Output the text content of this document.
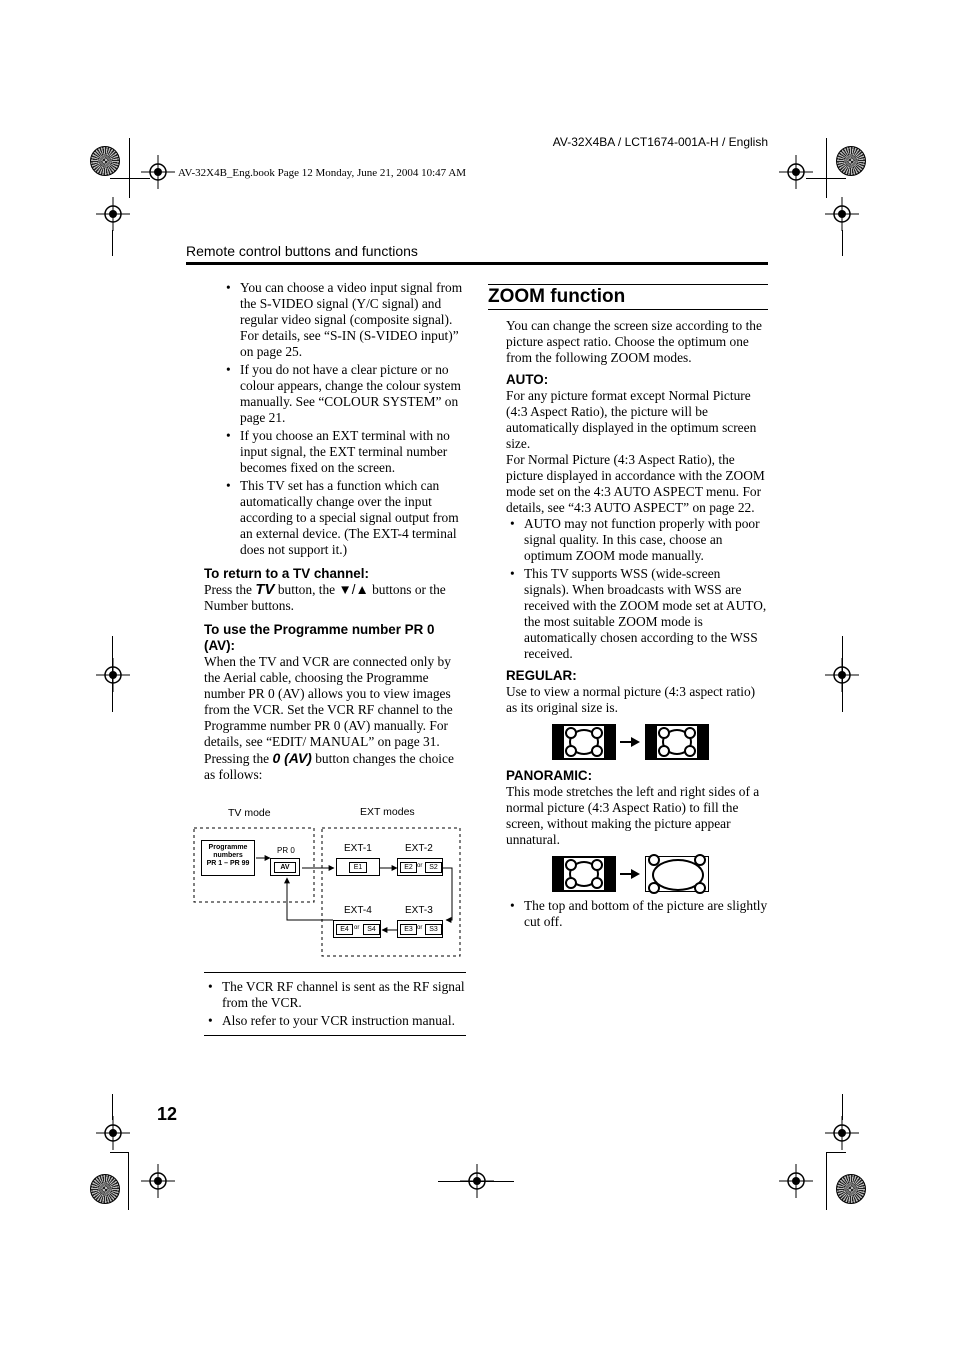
AV-32X4BA / LCT1674-001A-H / English
AV-32X4B_Eng.book Page 12 Monday, June 21, 2004 10:47 AM
Remote control buttons and functions
• You can choose a video input signal from the S-VIDEO signal (Y/C signal) and regular video signal (composite signal). For details, see “S-IN (S-VIDEO input)” on page 25.
• If you do not have a clear picture or no colour appears, change the colour system manually. See “COLOUR SYSTEM” on page 21.
• If you choose an EXT terminal with no input signal, the EXT terminal number becomes fixed on the screen.
• This TV set has a function which can automatically change over the input according to a special signal output from an external device. (The EXT-4 terminal does not support it.)
To return to a TV channel:

Press the TV button, the ▼/▲ buttons or the Number buttons.

To use the Programme number PR 0 (AV):

When the TV and VCR are connected only by the Aerial cable, choosing the Programme number PR 0 (AV) allows you to view images from the VCR. Set the VCR RF channel to the Programme number PR 0 (AV) manually. For details, see “EDIT/ MANUAL” on page 31.

Pressing the 0 (AV) button changes the choice as follows:

TV mode	EXT modes
Programme
numbers
PR 1 – PR 99
PR 0
AV
EXT-1
E1
EXT-2
E2 or S2
EXT-4
E4 or	S4
EXT-3
E3 or S3
• The VCR RF channel is sent as the RF signal from the VCR.
• Also refer to your VCR instruction manual.
ZOOM function

You can change the screen size according to the picture aspect ratio. Choose the optimum one from the following ZOOM modes.

AUTO:

For any picture format except Normal Picture (4:3 Aspect Ratio), the picture will be automatically displayed in the optimum screen size.

For Normal Picture (4:3 Aspect Ratio), the picture displayed in accordance with the ZOOM mode set on the 4:3 AUTO ASPECT menu. For details, see “4:3 AUTO ASPECT” on page 22.

• AUTO may not function properly with poor signal quality. In this case, choose an optimum ZOOM mode manually.
• This TV supports WSS (wide-screen signals). When broadcasts with WSS are received with the ZOOM mode set at AUTO, the most suitable ZOOM mode is automatically chosen according to the WSS received.
REGULAR:

Use to view a normal picture (4:3 aspect ratio) as its original size is.

PANORAMIC:

This mode stretches the left and right sides of a normal picture (4:3 Aspect Ratio) to fill the screen, without making the picture appear unnatural.

• The top and bottom of the picture are slightly cut off.
12
